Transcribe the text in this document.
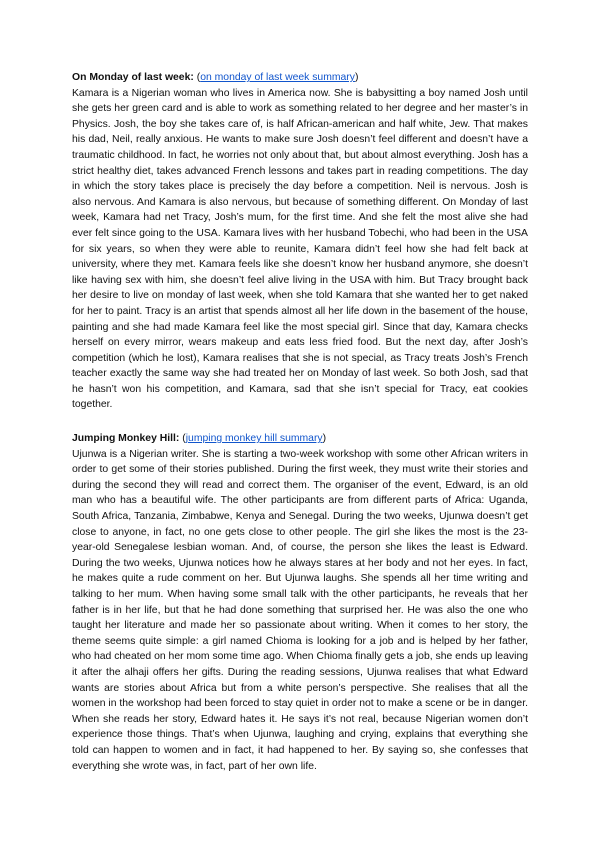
On Monday of last week: (on monday of last week summary)

Kamara is a Nigerian woman who lives in America now. She is babysitting a boy named Josh until she gets her green card and is able to work as something related to her degree and her master’s in Physics. Josh, the boy she takes care of, is half African-american and half white, Jew. That makes his dad, Neil, really anxious. He wants to make sure Josh doesn’t feel different and doesn’t have a traumatic childhood. In fact, he worries not only about that, but about almost everything. Josh has a strict healthy diet, takes advanced French lessons and takes part in reading competitions. The day in which the story takes place is precisely the day before a competition. Neil is nervous. Josh is also nervous. And Kamara is also nervous, but because of something different. On Monday of last week, Kamara had net Tracy, Josh’s mum, for the first time. And she felt the most alive she had ever felt since going to the USA. Kamara lives with her husband Tobechi, who had been in the USA for six years, so when they were able to reunite, Kamara didn’t feel how she had felt back at university, where they met. Kamara feels like she doesn’t know her husband anymore, she doesn’t like having sex with him, she doesn’t feel alive living in the USA with him. But Tracy brought back her desire to live on monday of last week, when she told Kamara that she wanted her to get naked for her to paint. Tracy is an artist that spends almost all her life down in the basement of the house, painting and she had made Kamara feel like the most special girl. Since that day, Kamara checks herself on every mirror, wears makeup and eats less fried food. But the next day, after Josh’s competition (which he lost), Kamara realises that she is not special, as Tracy treats Josh’s French teacher exactly the same way she had treated her on Monday of last week. So both Josh, sad that he hasn’t won his competition, and Kamara, sad that she isn’t special for Tracy, eat cookies together.

Jumping Monkey Hill: (jumping monkey hill summary)

Ujunwa is a Nigerian writer. She is starting a two-week workshop with some other African writers in order to get some of their stories published. During the first week, they must write their stories and during the second they will read and correct them. The organiser of the event, Edward, is an old man who has a beautiful wife. The other participants are from different parts of Africa: Uganda, South Africa, Tanzania, Zimbabwe, Kenya and Senegal. During the two weeks, Ujunwa doesn’t get close to anyone, in fact, no one gets close to other people. The girl she likes the most is the 23-year-old Senegalese lesbian woman. And, of course, the person she likes the least is Edward. During the two weeks, Ujunwa notices how he always stares at her body and not her eyes. In fact, he makes quite a rude comment on her. But Ujunwa laughs. She spends all her time writing and talking to her mum. When having some small talk with the other participants, he reveals that her father is in her life, but that he had done something that surprised her. He was also the one who taught her literature and made her so passionate about writing. When it comes to her story, the theme seems quite simple: a girl named Chioma is looking for a job and is helped by her father, who had cheated on her mom some time ago. When Chioma finally gets a job, she ends up leaving it after the alhaji offers her gifts. During the reading sessions, Ujunwa realises that what Edward wants are stories about Africa but from a white person’s perspective. She realises that all the women in the workshop had been forced to stay quiet in order not to make a scene or be in danger. When she reads her story, Edward hates it. He says it’s not real, because Nigerian women don’t experience those things. That’s when Ujunwa, laughing and crying, explains that everything she told can happen to women and in fact, it had happened to her. By saying so, she confesses that everything she wrote was, in fact, part of her own life.
